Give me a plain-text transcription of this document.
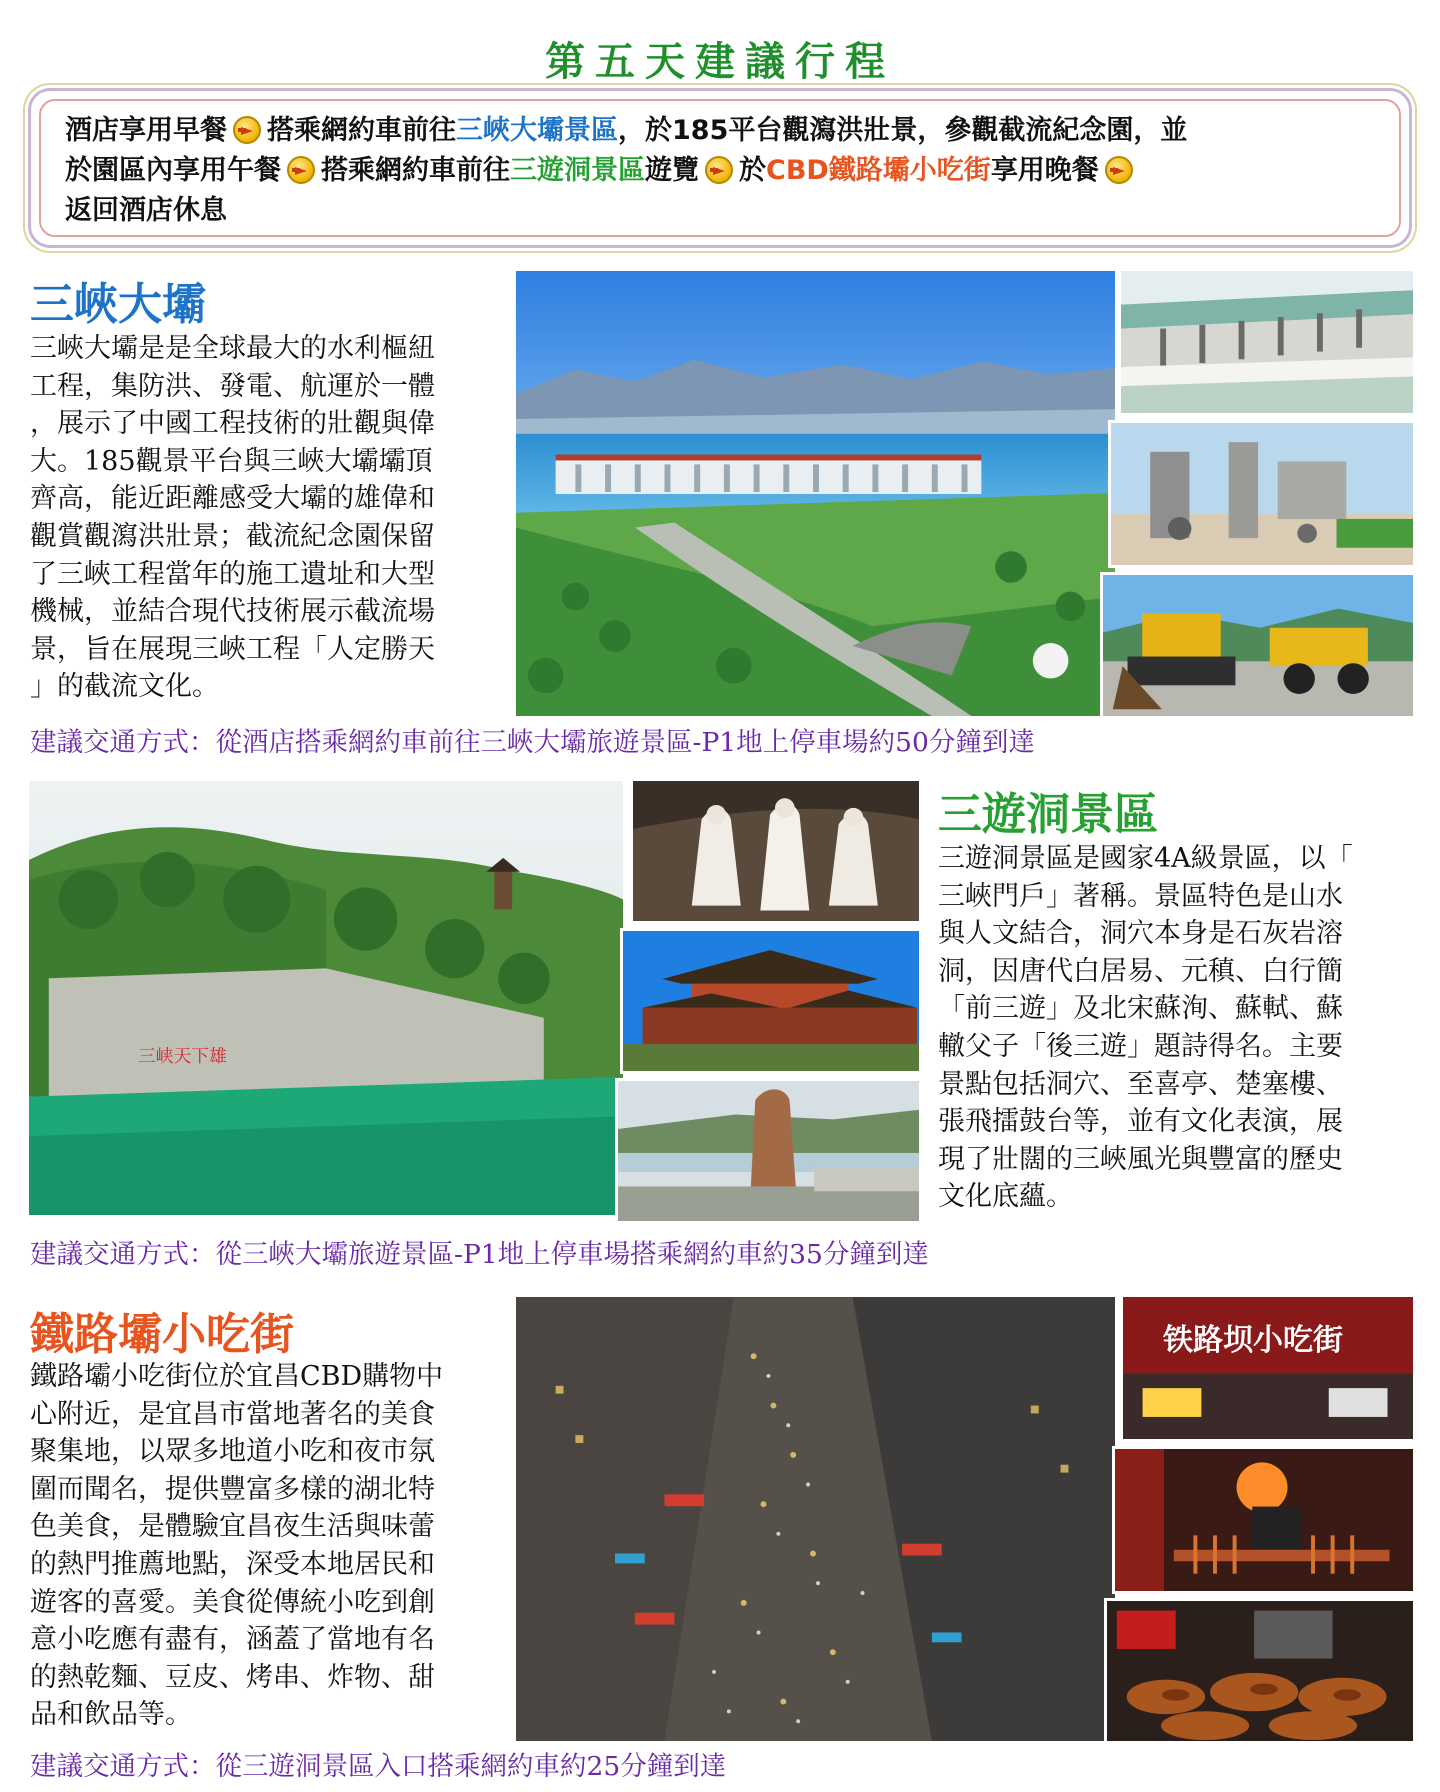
第五天建議行程
酒店享用早餐 搭乘網約車前往三峽大壩景區，於185平台觀瀉洪壯景，參觀截流紀念園，並
於園區內享用午餐 搭乘網約車前往三遊洞景區遊覽 於CBD鐵路壩小吃街享用晚餐
返回酒店休息
三峽大壩
三峽大壩是是全球最大的水利樞紐
工程，集防洪、發電、航運於一體
，展示了中國工程技術的壯觀與偉
大。185觀景平台與三峽大壩壩頂
齊高，能近距離感受大壩的雄偉和
觀賞觀瀉洪壯景；截流紀念園保留
了三峽工程當年的施工遺址和大型
機械，並結合現代技術展示截流場
景，旨在展現三峽工程「人定勝天
」的截流文化。
建議交通方式：從酒店搭乘網約車前往三峽大壩旅遊景區-P1地上停車場約50分鐘到達
三峡天下雄
三遊洞景區
三遊洞景區是國家4A級景區，以「
三峽門戶」著稱。景區特色是山水
與人文結合，洞穴本身是石灰岩溶
洞，因唐代白居易、元稹、白行簡
「前三遊」及北宋蘇洵、蘇軾、蘇
轍父子「後三遊」題詩得名。主要
景點包括洞穴、至喜亭、楚塞樓、
張飛擂鼓台等，並有文化表演，展
現了壯闊的三峽風光與豐富的歷史
文化底蘊。
建議交通方式：從三峽大壩旅遊景區-P1地上停車場搭乘網約車約35分鐘到達
鐵路壩小吃街
鐵路壩小吃街位於宜昌CBD購物中
心附近，是宜昌市當地著名的美食
聚集地，以眾多地道小吃和夜市氛
圍而聞名，提供豐富多樣的湖北特
色美食，是體驗宜昌夜生活與味蕾
的熱門推薦地點，深受本地居民和
遊客的喜愛。美食從傳統小吃到創
意小吃應有盡有，涵蓋了當地有名
的熱乾麵、豆皮、烤串、炸物、甜
品和飲品等。
铁路坝小吃街
建議交通方式：從三遊洞景區入口搭乘網約車約25分鐘到達
